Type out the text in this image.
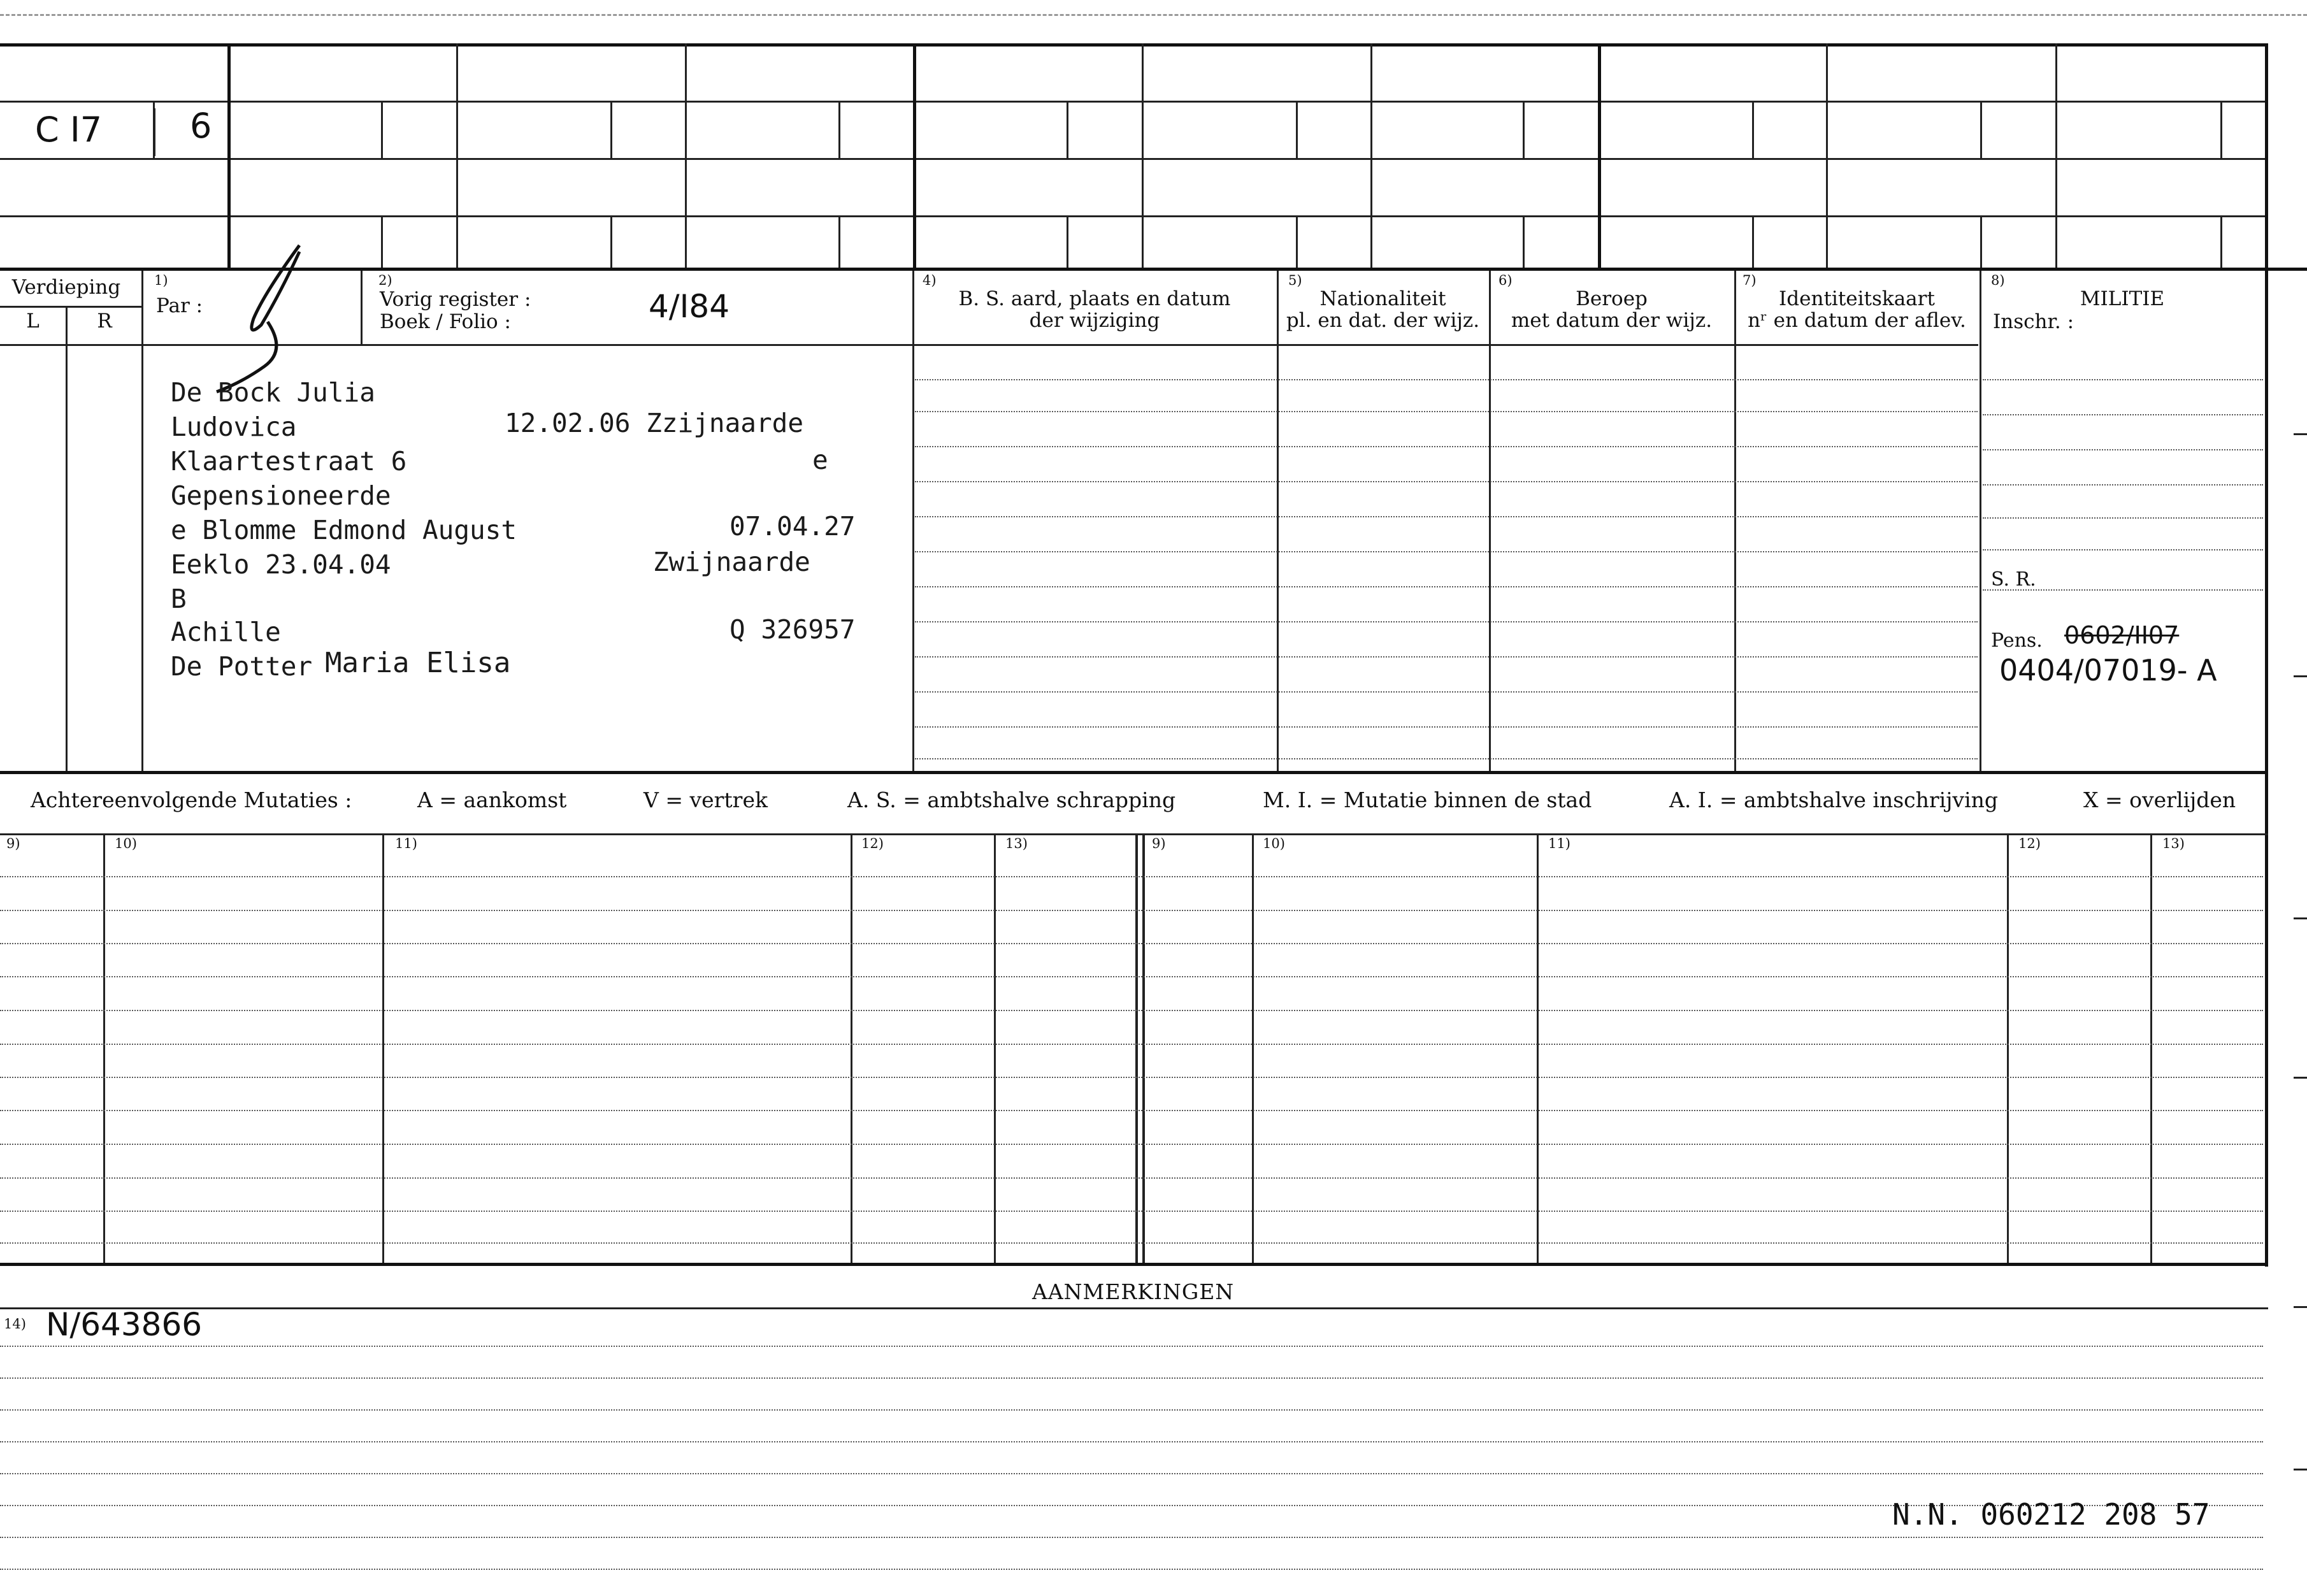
C I7	6
Verdieping
L	R
1)
Par :
2)
Vorig register :
Boek / Folio :	4/I84
4)
B. S. aard, plaats en datum
der wijziging
5)
Nationaliteit
pl. en dat. der wijz.
6)
Beroep
met datum der wijz.
7)
Identiteitskaart
nʳ en datum der aflev.
8)
MILITIE
Inschr. :
De Bock Julia
Ludovica	12.02.06 Zzijnaarde
Klaartestraat 6	e
Gepensioneerde
e Blomme Edmond August	07.04.27
Eeklo 23.04.04	Zwijnaarde
B
Achille	Q 326957
De Potter Maria Elisa
S. R.
Pens. 0602/II07
0404/07019- A
Achtereenvolgende Mutaties :	A = aankomst	V = vertrek	A. S. = ambtshalve schrapping	M. I. = Mutatie binnen de stad	A. I. = ambtshalve inschrijving	X = overlijden
9)	10)	11)	12)	13)	9)	10)	11)	12)	13)
AANMERKINGEN
14) N/643866
N.N. 060212 208 57
